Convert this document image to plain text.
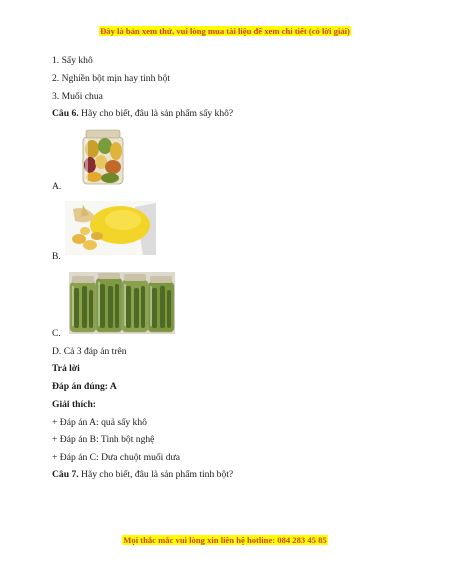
Đây là bản xem thử, vui lòng mua tài liệu để xem chi tiết (có lời giải)
1. Sấy khô
2. Nghiền bột mịn hay tinh bột
3. Muối chua
Câu 6. Hãy cho biết, đâu là sản phẩm sấy khô?
A.
B.
C.
D. Cả 3 đáp án trên
Trả lời
Đáp án đúng: A
Giải thích:
+ Đáp án A: quả sấy khô
+ Đáp án B: Tinh bột nghệ
+ Đáp án C: Dưa chuột muối dưa
Câu 7. Hãy cho biết, đâu là sản phẩm tinh bột?
Mọi thắc mắc vui lòng xin liên hệ hotline: 084 283 45 85
